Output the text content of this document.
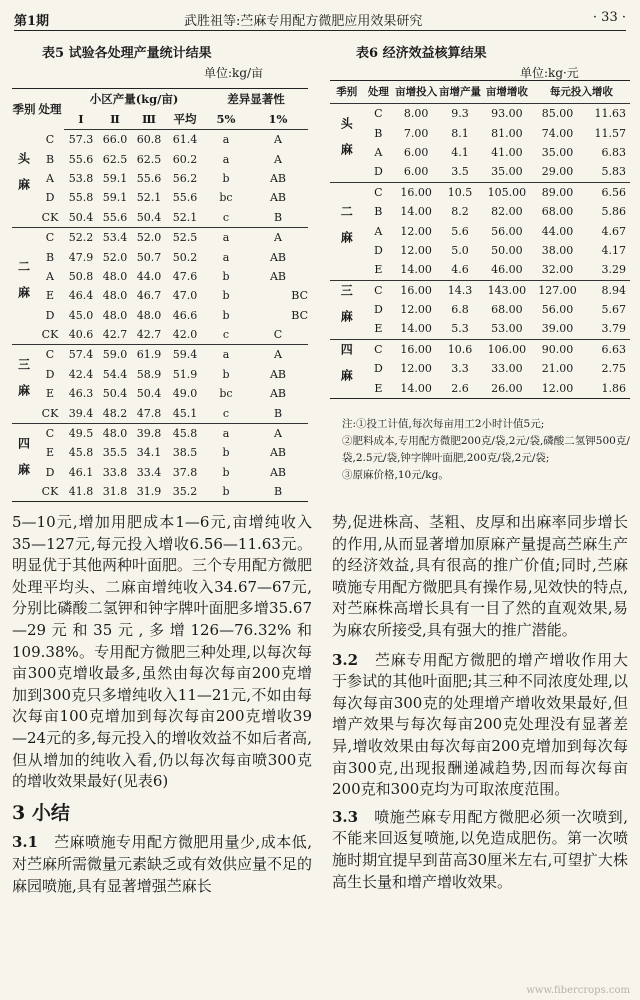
第1期	武胜祖等:苎麻专用配方微肥应用效果研究	· 33 ·
表5 试验各处理产量统计结果
单位:kg/亩
季别	处理	小区产量(kg/亩)				差异显著性	
		Ⅰ	Ⅱ	Ⅲ	平均	5%	1%
头麻	C	57.3	66.0	60.8	61.4	a	A
	B	55.6	62.5	62.5	60.2	a	A
	A	53.8	59.1	55.6	56.2	b	AB
	D	55.8	59.1	52.1	55.6	bc	AB
	CK	50.4	55.6	50.4	52.1	c	B
二麻	C	52.2	53.4	52.0	52.5	a	A
	B	47.9	52.0	50.7	50.2	a	AB
	A	50.8	48.0	44.0	47.6	b	AB
	E	46.4	48.0	46.7	47.0	b	BC
	D	45.0	48.0	48.0	46.6	b	BC
	CK	40.6	42.7	42.7	42.0	c	C
三麻	C	57.4	59.0	61.9	59.4	a	A
	D	42.4	54.4	58.9	51.9	b	AB
	E	46.3	50.4	50.4	49.0	bc	AB
	CK	39.4	48.2	47.8	45.1	c	B
四麻	C	49.5	48.0	39.8	45.8	a	A
	E	45.8	35.5	34.1	38.5	b	AB
	D	46.1	33.8	33.4	37.8	b	AB
	CK	41.8	31.8	31.9	35.2	b	B
表6 经济效益核算结果
单位:kg·元
季别	处理	亩增投入	亩增产量	亩增增收	每元投入增收	
头麻	C	8.00	9.3	93.00	85.00	11.63
	B	7.00	8.1	81.00	74.00	11.57
	A	6.00	4.1	41.00	35.00	6.83
	D	6.00	3.5	35.00	29.00	5.83
二麻	C	16.00	10.5	105.00	89.00	6.56
	B	14.00	8.2	82.00	68.00	5.86
	A	12.00	5.6	56.00	44.00	4.67
	D	12.00	5.0	50.00	38.00	4.17
	E	14.00	4.6	46.00	32.00	3.29
三麻	C	16.00	14.3	143.00	127.00	8.94
	D	12.00	6.8	68.00	56.00	5.67
	E	14.00	5.3	53.00	39.00	3.79
四麻	C	16.00	10.6	106.00	90.00	6.63
	D	12.00	3.3	33.00	21.00	2.75
	E	14.00	2.6	26.00	12.00	1.86
注:①投工计值,每次每亩用工2小时计值5元;
②肥料成本,专用配方微肥200克/袋,2元/袋,磷酸二氢钾500克/袋,2.5元/袋,钟字牌叶面肥,200克/袋,2元/袋;
③原麻价格,10元/kg。

5—10元,增加用肥成本1—6元,亩增纯收入35—127元,每元投入增收6.56—11.63元。明显优于其他两种叶面肥。三个专用配方微肥处理平均头、二麻亩增纯收入34.67—67元,分别比磷酸二氢钾和钟字牌叶面肥多增35.67—29元和35元,多增126—76.32%和109.38%。专用配方微肥三种处理,以每次每亩300克增收最多,虽然由每次每亩200克增加到300克只多增纯收入11—21元,不如由每次每亩100克增加到每次每亩200克增收39—24元的多,每元投入的增收效益不如后者高,但从增加的纯收入看,仍以每次每亩喷300克的增收效果最好(见表6)

3 小结

3.1　 苎麻喷施专用配方微肥用量少,成本低,对苎麻所需微量元素缺乏或有效供应量不足的麻园喷施,具有显著增强苎麻长

势,促进株高、茎粗、皮厚和出麻率同步增长的作用,从而显著增加原麻产量提高苎麻生产的经济效益,具有很高的推广价值;同时,苎麻喷施专用配方微肥具有操作易,见效快的特点,对苎麻株高增长具有一目了然的直观效果,易为麻农所接受,具有强大的推广潜能。

3.2　 苎麻专用配方微肥的增产增收作用大于参试的其他叶面肥;其三种不同浓度处理,以每次每亩300克的处理增产增收效果最好,但增产效果与每次每亩200克处理没有显著差异,增收效果由每次每亩200克增加到每次每亩300克,出现报酬递减趋势,因而每次每亩200克和300克均为可取浓度范围。

3.3　 喷施苎麻专用配方微肥必须一次喷到,不能来回返复喷施,以免造成肥伤。第一次喷施时期宜提早到苗高30厘米左右,可望扩大株高生长量和增产增收效果。

www.fibercrops.com
